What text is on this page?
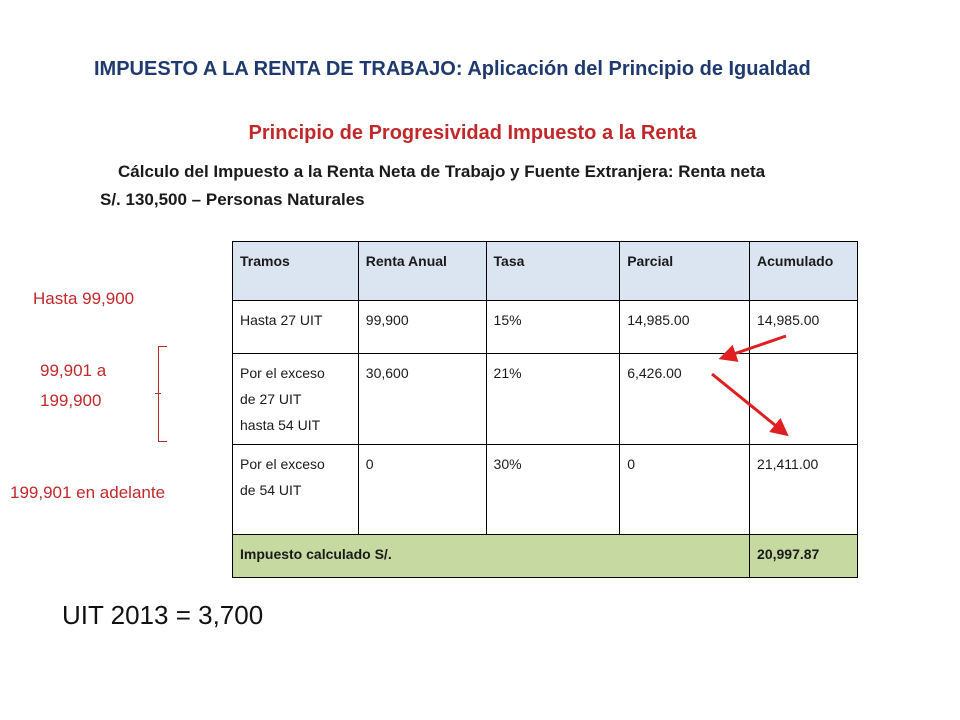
IMPUESTO A LA RENTA DE TRABAJO: Aplicación del Principio de Igualdad
Principio de Progresividad Impuesto a la Renta
Cálculo del Impuesto a la Renta Neta de Trabajo y Fuente Extranjera: Renta neta
S/. 130,500 – Personas Naturales
Hasta 99,900
99,901 a
199,900
199,901 en adelante
Tramos	Renta Anual	Tasa	Parcial	Acumulado

Hasta 27 UIT	99,900	15%	14,985.00	14,985.00

Por el exceso
de 27 UIT
hasta 54 UIT	30,600	21%	6,426.00	

Por el exceso
de 54 UIT	0	30%	0	21,411.00
Impuesto calculado S/.				20,997.87
UIT 2013 = 3,700
